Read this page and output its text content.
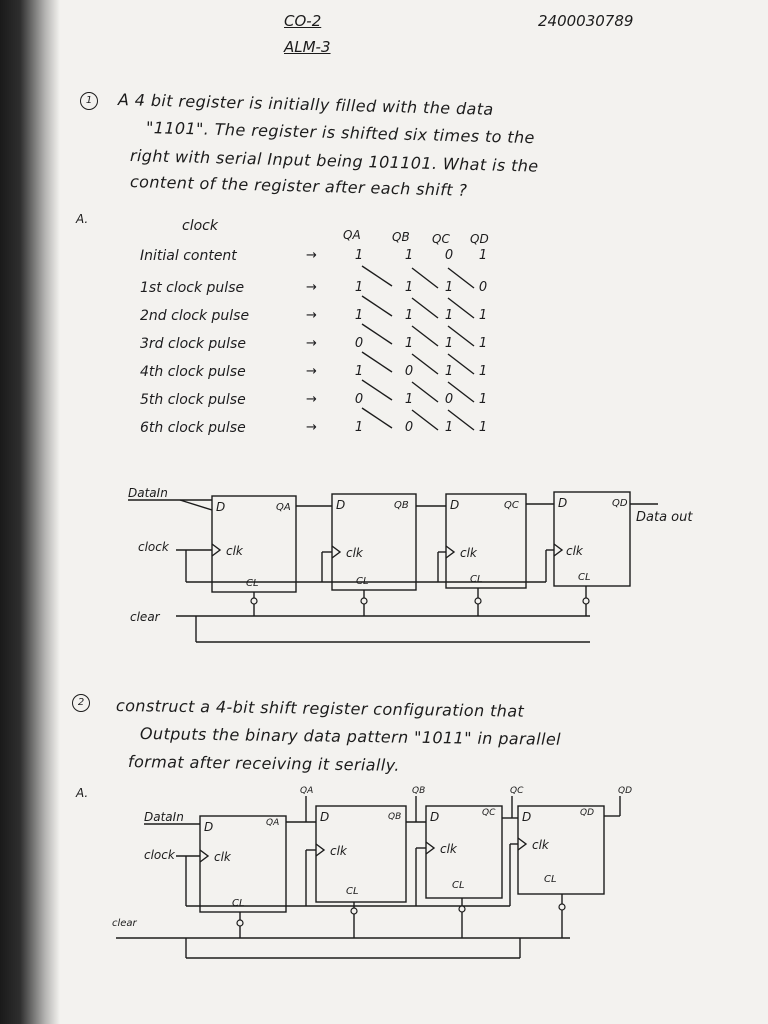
CO-2
ALM-3
2400030789
1	A 4 bit register is initially filled with the data
"1101". The register is shifted six times to the
right with serial Input being 101101. What is the
content of the register after each shift ?
A.	clock
QA	QB QC QD
Initial content	→	1	1 0 1
1st clock pulse	→	1	1 1 0
2nd clock pulse	→	1	1 1 1
3rd clock pulse	→	0	1 1 1
4th clock pulse	→	1	0 1 1
5th clock pulse	→	0	1 0 1
6th clock pulse	→	1	0 1 1
DataIn
clock
clear
Data out
D	D	D	D
clk	clk	clk	clk
CL	CL	CL	CL
QA	QB	QC	QD
2	construct a 4-bit shift register configuration that
Outputs the binary data pattern "1011" in parallel
format after receiving it serially.
A.
DataIn
clock
clear
D
D	D	D
clk	clk	clk	clk
CL
CL
CL
CL
QA	QB	QC	QD
QA
QB	QC	QD
